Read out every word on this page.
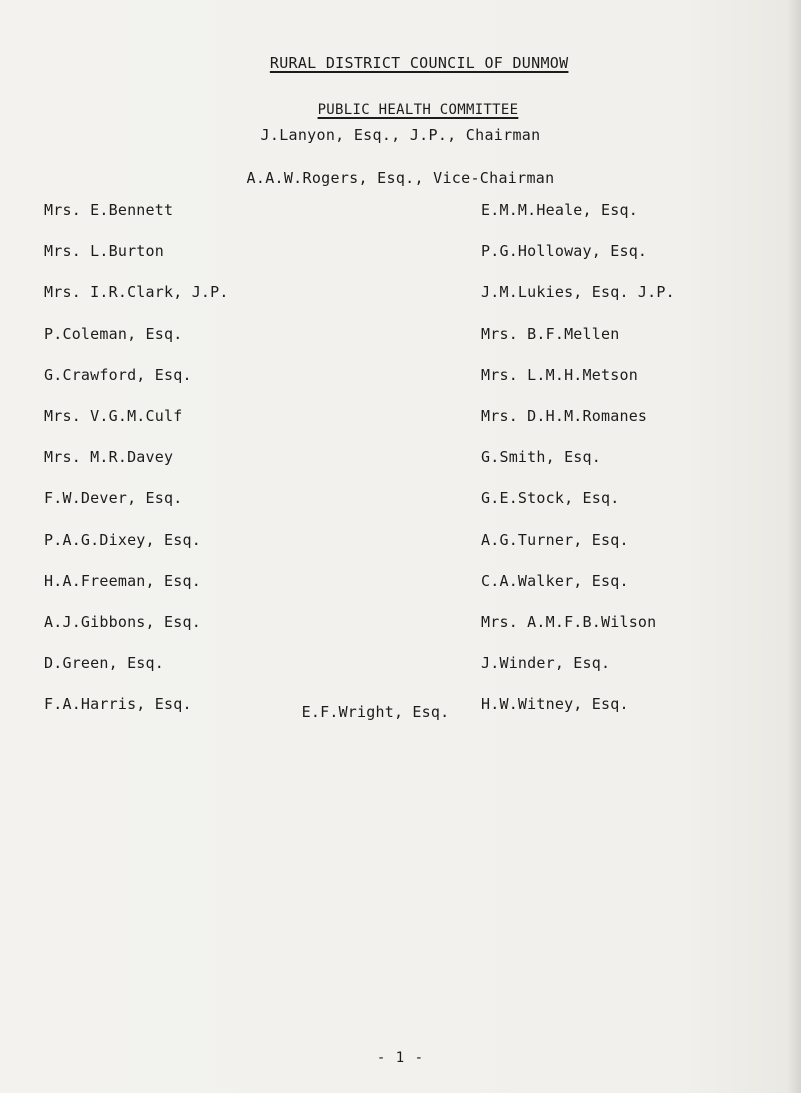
RURAL DISTRICT COUNCIL OF DUNMOW

PUBLIC HEALTH COMMITTEE

J.Lanyon, Esq., J.P., Chairman
A.A.W.Rogers, Esq., Vice-Chairman
Mrs. E.Bennett
Mrs. L.Burton
Mrs. I.R.Clark, J.P.
P.Coleman, Esq.
G.Crawford, Esq.
Mrs. V.G.M.Culf
Mrs. M.R.Davey
F.W.Dever, Esq.
P.A.G.Dixey, Esq.
H.A.Freeman, Esq.
A.J.Gibbons, Esq.
D.Green, Esq.
F.A.Harris, Esq.
E.M.M.Heale, Esq.
P.G.Holloway, Esq.
J.M.Lukies, Esq. J.P.
Mrs. B.F.Mellen
Mrs. L.M.H.Metson
Mrs. D.H.M.Romanes
G.Smith, Esq.
G.E.Stock, Esq.
A.G.Turner, Esq.
C.A.Walker, Esq.
Mrs. A.M.F.B.Wilson
J.Winder, Esq.
H.W.Witney, Esq.
E.F.Wright, Esq.
- 1 -
